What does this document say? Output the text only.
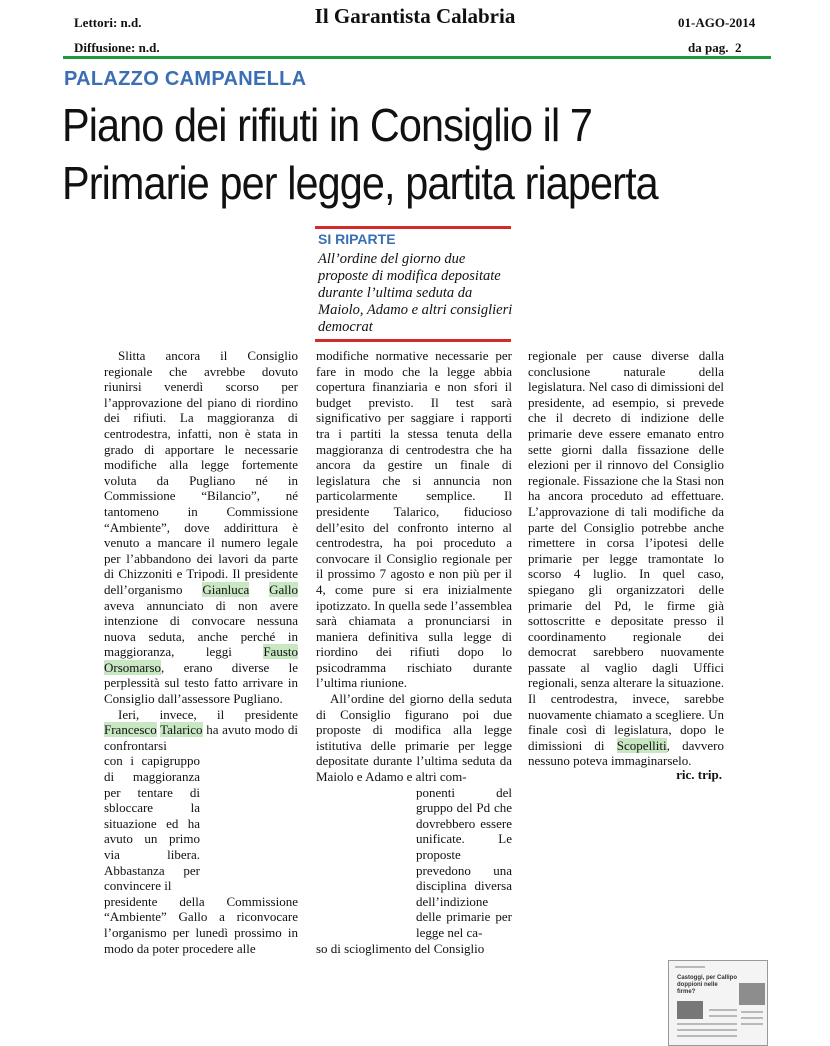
Lettori: n.d.
Diffusione: n.d.
Il Garantista Calabria	01-AGO-2014
da pag.  2
PALAZZO CAMPANELLA
Piano dei rifiuti in Consiglio il 7
Primarie per legge, partita riaperta
SI RIPARTE
All’ordine del giorno due proposte di modifica depositate durante l’ultima seduta da Maiolo, Adamo e altri consiglieri democrat

Slitta ancora il Consiglio regionale che avrebbe dovuto riunirsi venerdì scorso per l’approvazione del piano di riordino dei rifiuti. La maggioranza di centrodestra, infatti, non è stata in grado di apportare le necessarie modifiche alla legge fortemente voluta da Pugliano né in Commissione “Bilancio”, né tantomeno in Commissione “Ambiente”, dove addirittura è venuto a mancare il numero legale per l’abbandono dei lavori da parte di Chizzoniti e Tripodi. Il presidente dell’organismo Gianluca Gallo aveva annunciato di non avere intenzione di convocare nessuna nuova seduta, anche perché in maggioranza, leggi Fausto Orsomarso, erano diverse le perplessità sul testo fatto arrivare in Consiglio dall’assessore Pugliano.

Ieri, invece, il presidente Francesco Talarico ha avuto modo di confrontarsi

con i capigruppo di maggioranza per tentare di sbloccare la situazione ed ha avuto un primo via libera. Abbastanza per convincere il

presidente della Commissione “Ambiente” Gallo a riconvocare l’organismo per lunedì prossimo in modo da poter procedere alle

modifiche normative necessarie per fare in modo che la legge abbia copertura finanziaria e non sfori il budget previsto. Il test sarà significativo per saggiare i rapporti tra i partiti la stessa tenuta della maggioranza di centrodestra che ha ancora da gestire un finale di legislatura che si annuncia non particolarmente semplice. Il presidente Talarico, fiducioso dell’esito del confronto interno al centrodestra, ha poi proceduto a convocare il Consiglio regionale per il prossimo 7 agosto e non più per il 4, come pure si era inizialmente ipotizzato. In quella sede l’assemblea sarà chiamata a pronunciarsi in maniera definitiva sulla legge di riordino dei rifiuti dopo lo psicodramma rischiato durante l’ultima riunione.

All’ordine del giorno della seduta di Consiglio figurano poi due proposte di modifica alla legge istitutiva delle primarie per legge depositate durante l’ultima seduta da Maiolo e Adamo e altri com-

ponenti del gruppo del Pd che dovrebbero essere unificate. Le proposte prevedono una disciplina diversa dell’indizione delle primarie per legge nel ca-

so di scioglimento del Consiglio

regionale per cause diverse dalla conclusione naturale della legislatura. Nel caso di dimissioni del presidente, ad esempio, si prevede che il decreto di indizione delle primarie deve essere emanato entro sette giorni dalla fissazione delle elezioni per il rinnovo del Consiglio regionale. Fissazione che la Stasi non ha ancora proceduto ad effettuare. L’approvazione di tali modifiche da parte del Consiglio potrebbe anche rimettere in corsa l’ipotesi delle primarie per legge tramontate lo scorso 4 luglio. In quel caso, spiegano gli organizzatori delle primarie del Pd, le firme già sottoscritte e depositate presso il coordinamento regionale dei democrat sarebbero nuovamente passate al vaglio dagli Uffici regionali, senza alterare la situazione. Il centrodestra, invece, sarebbe nuovamente chiamato a scegliere. Un finale così di legislatura, dopo le dimissioni di Scopelliti, davvero nessuno poteva immaginarselo.

ric. trip.
Castoggi, per Callipo doppioni nelle firme?
